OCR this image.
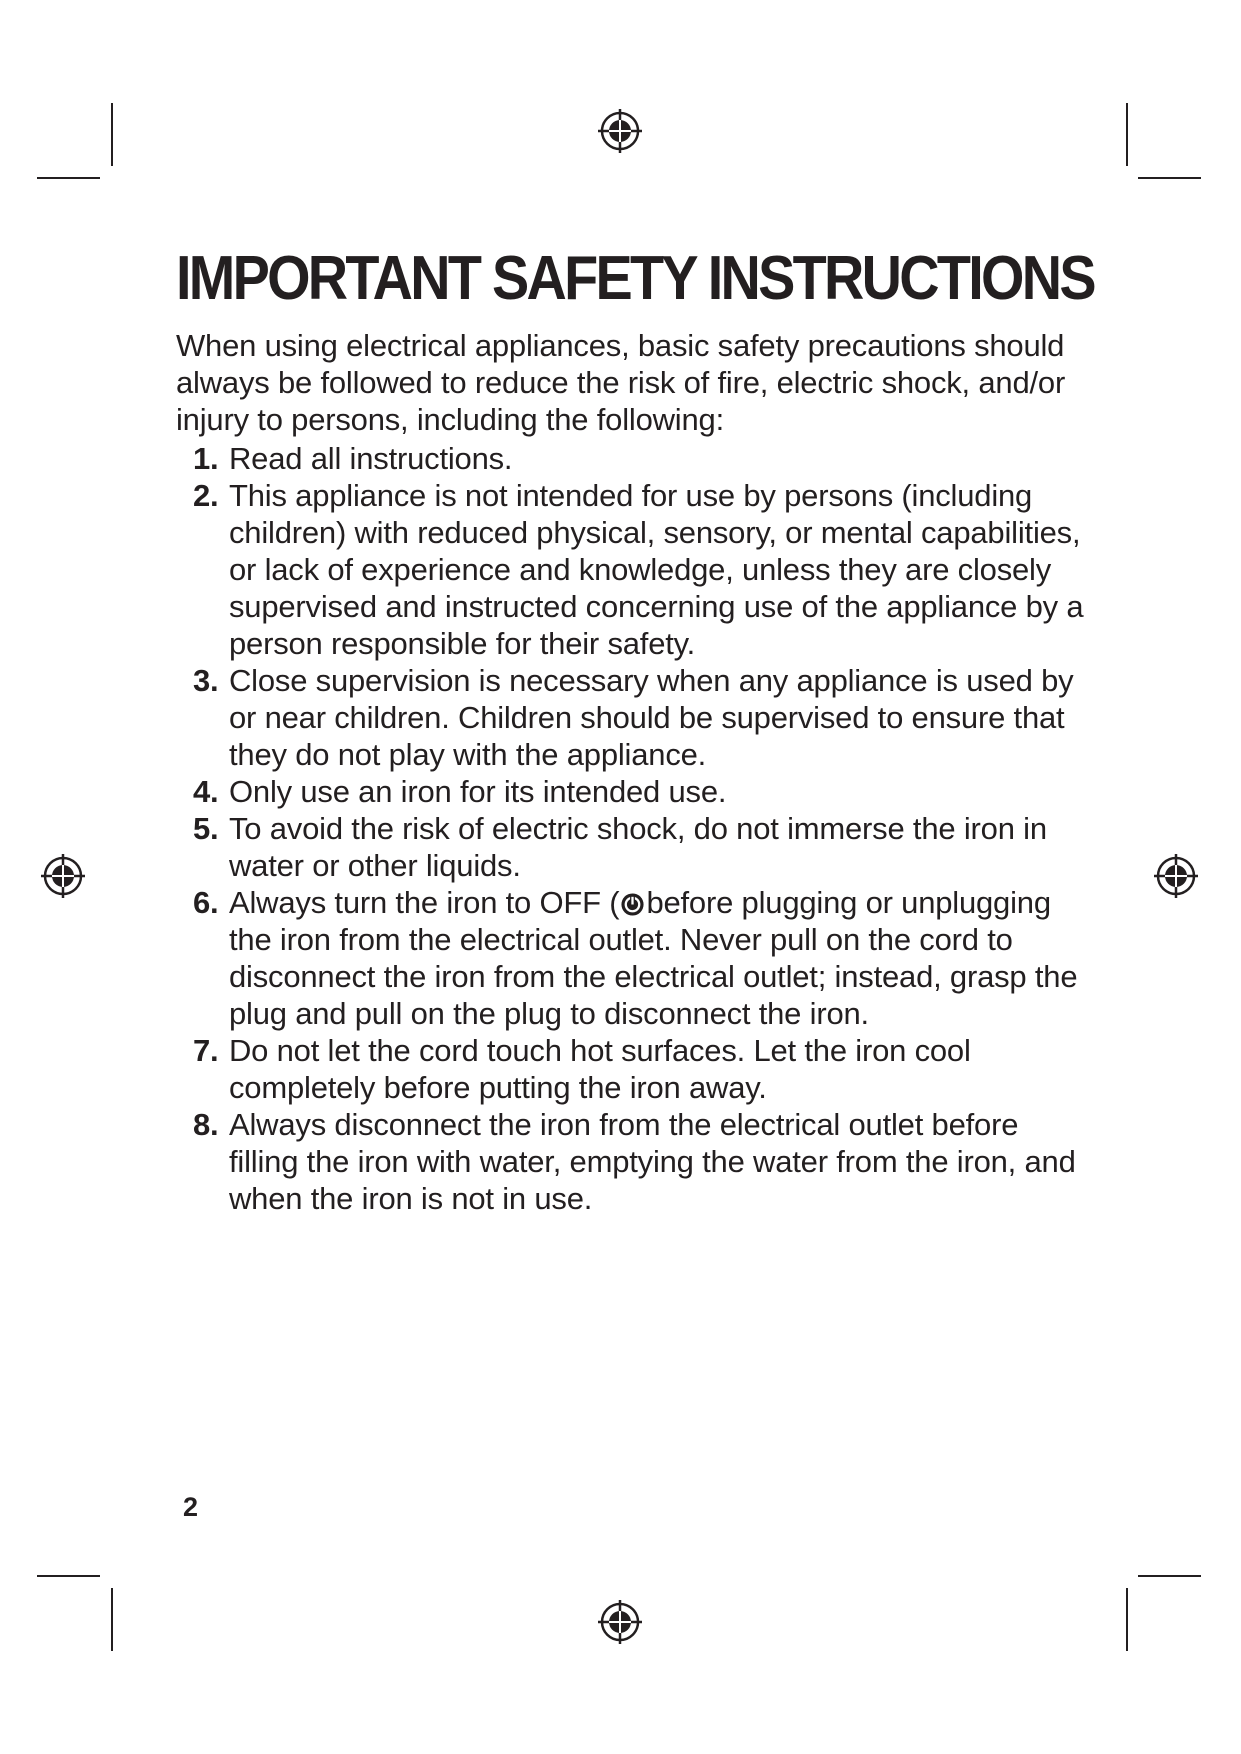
IMPORTANT SAFETY INSTRUCTIONS

When using electrical appliances, basic safety precautions should always be followed to reduce the risk of fire, electric shock, and/or injury to persons, including the following:

1. Read all instructions.
2. This appliance is not intended for use by persons (including children) with reduced physical, sensory, or mental capabilities, or lack of experience and knowledge, unless they are closely supervised and instructed concerning use of the appliance by a person responsible for their safety.
3. Close supervision is necessary when any appliance is used by or near children. Children should be supervised to ensure that they do not play with the appliance.
4. Only use an iron for its intended use.
5. To avoid the risk of electric shock, do not immerse the iron in water or other liquids.
6. Always turn the iron to OFF ( before plugging or unplugging the iron from the electrical outlet. Never pull on the cord to disconnect the iron from the electrical outlet; instead, grasp the plug and pull on the plug to disconnect the iron.
7. Do not let the cord touch hot surfaces. Let the iron cool completely before putting the iron away.
8. Always disconnect the iron from the electrical outlet before filling the iron with water, emptying the water from the iron, and when the iron is not in use.
2
